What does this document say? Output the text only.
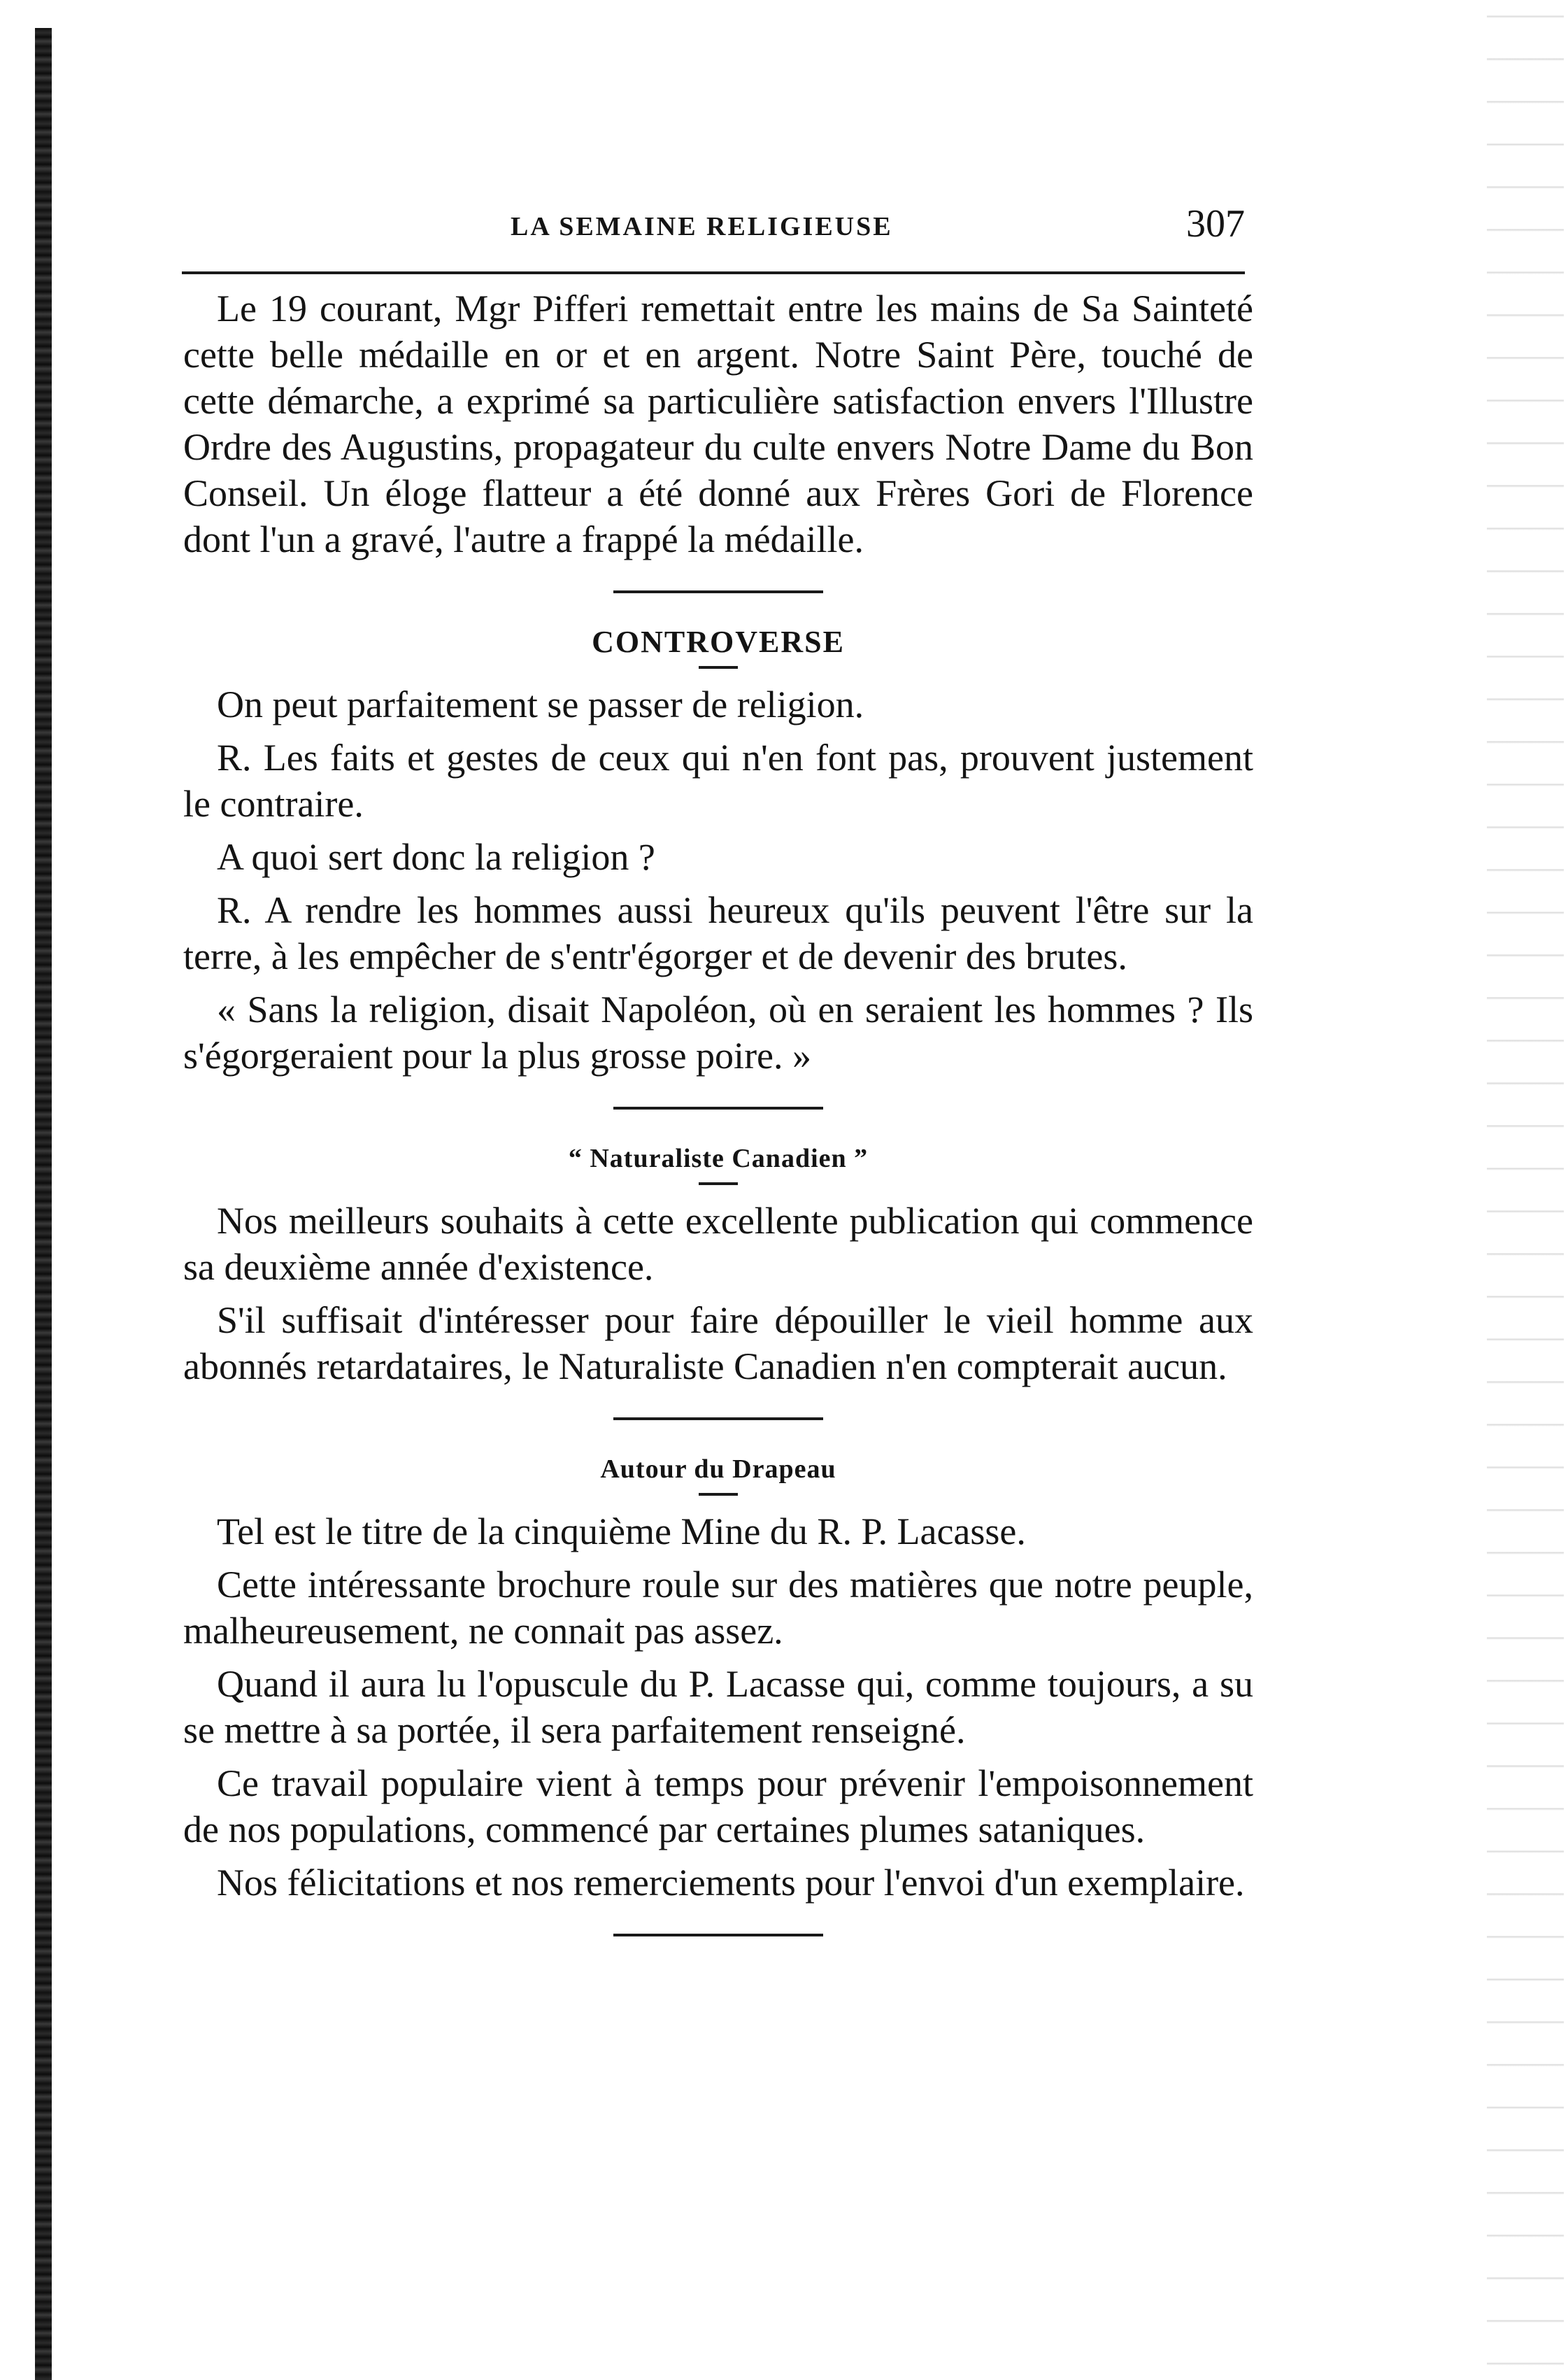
LA SEMAINE RELIGIEUSE	307

Le 19 courant, Mgr Pifferi remettait entre les mains de Sa Sainteté cette belle médaille en or et en argent. Notre Saint Père, touché de cette démarche, a exprimé sa particulière satisfaction envers l'Illustre Ordre des Augustins, propagateur du culte envers Notre Dame du Bon Conseil. Un éloge flatteur a été donné aux Frères Gori de Florence dont l'un a gravé, l'autre a frappé la médaille.

CONTROVERSE

On peut parfaitement se passer de religion.

R. Les faits et gestes de ceux qui n'en font pas, prouvent justement le contraire.

A quoi sert donc la religion ?

R. A rendre les hommes aussi heureux qu'ils peuvent l'être sur la terre, à les empêcher de s'entr'égorger et de devenir des brutes.

« Sans la religion, disait Napoléon, où en seraient les hommes ? Ils s'égorgeraient pour la plus grosse poire. »

“ Naturaliste Canadien ”

Nos meilleurs souhaits à cette excellente publication qui commence sa deuxième année d'existence.

S'il suffisait d'intéresser pour faire dépouiller le vieil homme aux abonnés retardataires, le Naturaliste Canadien n'en compterait aucun.

Autour du Drapeau

Tel est le titre de la cinquième Mine du R. P. Lacasse.

Cette intéressante brochure roule sur des matières que notre peuple, malheureusement, ne connait pas assez.

Quand il aura lu l'opuscule du P. Lacasse qui, comme toujours, a su se mettre à sa portée, il sera parfaitement renseigné.

Ce travail populaire vient à temps pour prévenir l'empoisonnement de nos populations, commencé par certaines plumes sataniques.

Nos félicitations et nos remerciements pour l'envoi d'un exemplaire.
